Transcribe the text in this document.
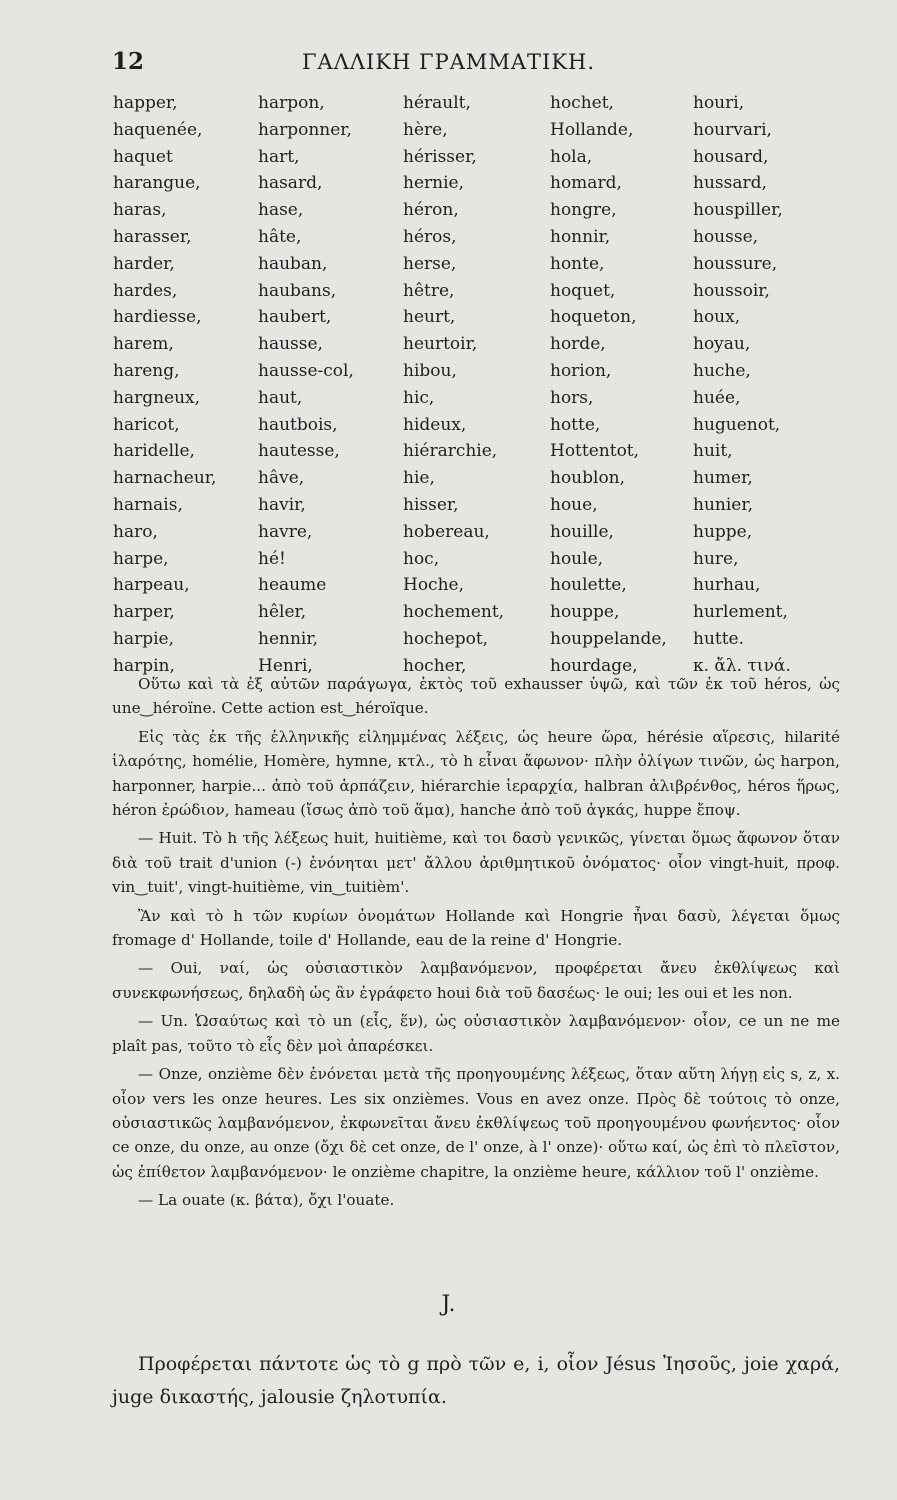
12	ΓΑΛΛΙΚΗ ΓΡΑΜΜΑΤΙΚΗ.
happer,
haquenée,
haquet
harangue,
haras,
harasser,
harder,
hardes,
hardiesse,
harem,
hareng,
hargneux,
haricot,
haridelle,
harnacheur,
harnais,
haro,
harpe,
harpeau,
harper,
harpie,
harpin,
harpon,
harponner,
hart,
hasard,
hase,
hâte,
hauban,
haubans,
haubert,
hausse,
hausse-col,
haut,
hautbois,
hautesse,
hâve,
havir,
havre,
hé!
heaume
hêler,
hennir,
Henri,
hérault,
hère,
hérisser,
hernie,
héron,
héros,
herse,
hêtre,
heurt,
heurtoir,
hibou,
hic,
hideux,
hiérarchie,
hie,
hisser,
hobereau,
hoc,
Hoche,
hochement,
hochepot,
hocher,
hochet,
Hollande,
hola,
homard,
hongre,
honnir,
honte,
hoquet,
hoqueton,
horde,
horion,
hors,
hotte,
Hottentot,
houblon,
houe,
houille,
houle,
houlette,
houppe,
houppelande,
hourdage,
houri,
hourvari,
housard,
hussard,
houspiller,
housse,
houssure,
houssoir,
houx,
hoyau,
huche,
huée,
huguenot,
huit,
humer,
hunier,
huppe,
hure,
hurhau,
hurlement,
hutte.
κ. ἄλ. τινά.

Οὕτω καὶ τὰ ἐξ αὐτῶν παράγωγα, ἐκτὸς τοῦ exhausser ὑψῶ, καὶ τῶν ἐκ τοῦ héros, ὡς une‿héroïne. Cette action est‿héroïque.

Εἰς τὰς ἐκ τῆς ἑλληνικῆς εἰλημμένας λέξεις, ὡς heure ὥρα, hérésie αἵρεσις, hilarité ἱλαρότης, homélie, Homère, hymne, κτλ., τὸ h εἶναι ἄφωνον· πλὴν ὀλίγων τινῶν, ὡς harpon, harponner, harpie... ἀπὸ τοῦ ἁρπάζειν, hiérarchie ἱεραρχία, halbran ἁλιβρένθος, héros ἥρως, héron ἐρώδιον, hameau (ἴσως ἀπὸ τοῦ ἅμα), hanche ἀπὸ τοῦ ἀγκάς, huppe ἔποψ.

— Huit. Τὸ h τῆς λέξεως huit, huitième, καὶ τοι δασὺ γενικῶς, γίνεται ὅμως ἄφωνον ὅταν διὰ τοῦ trait d'union (-) ἑνόνηται μετ' ἄλλου ἀριθμητικοῦ ὀνόματος· οἷον vingt-huit, προφ. vin‿tuit', vingt-huitième, vin‿tuitièm'.

Ἂν καὶ τὸ h τῶν κυρίων ὀνομάτων Hollande καὶ Hongrie ἦναι δασὺ, λέγεται ὅμως fromage d' Hollande, toile d' Hollande, eau de la reine d' Hongrie.

— Oui, ναί, ὡς οὐσιαστικὸν λαμβανόμενον, προφέρεται ἄνευ ἐκθλίψεως καὶ συνεκφωνήσεως, δηλαδὴ ὡς ἂν ἐγράφετο houi διὰ τοῦ δασέως· le oui; les oui et les non.

— Un. Ὡσαύτως καὶ τὸ un (εἷς, ἕν), ὡς οὐσιαστικὸν λαμβανόμενον· οἷον, ce un ne me plaît pas, τοῦτο τὸ εἷς δὲν μοὶ ἀπαρέσκει.

— Onze, onzième δὲν ἑνόνεται μετὰ τῆς προηγουμένης λέξεως, ὅταν αὕτη λήγῃ εἰς s, z, x. οἷον vers les onze heures. Les six onzièmes. Vous en avez onze. Πρὸς δὲ τούτοις τὸ onze, οὐσιαστικῶς λαμβανόμενον, ἐκφωνεῖται ἄνευ ἐκθλίψεως τοῦ προηγουμένου φωνήεντος· οἷον ce onze, du onze, au onze (ὄχι δὲ cet onze, de l' onze, à l' onze)· οὕτω καί, ὡς ἐπὶ τὸ πλεῖστον, ὡς ἐπίθετον λαμβανόμενον· le onzième chapitre, la onzième heure, κάλλιον τοῦ l' onzième.

— La ouate (κ. βάτα), ὄχι l'ouate.

J.
Προφέρεται πάντοτε ὡς τὸ g πρὸ τῶν e, i, οἷον Jésus Ἰησοῦς, joie χαρά, juge δικαστής, jalousie ζηλοτυπία.
